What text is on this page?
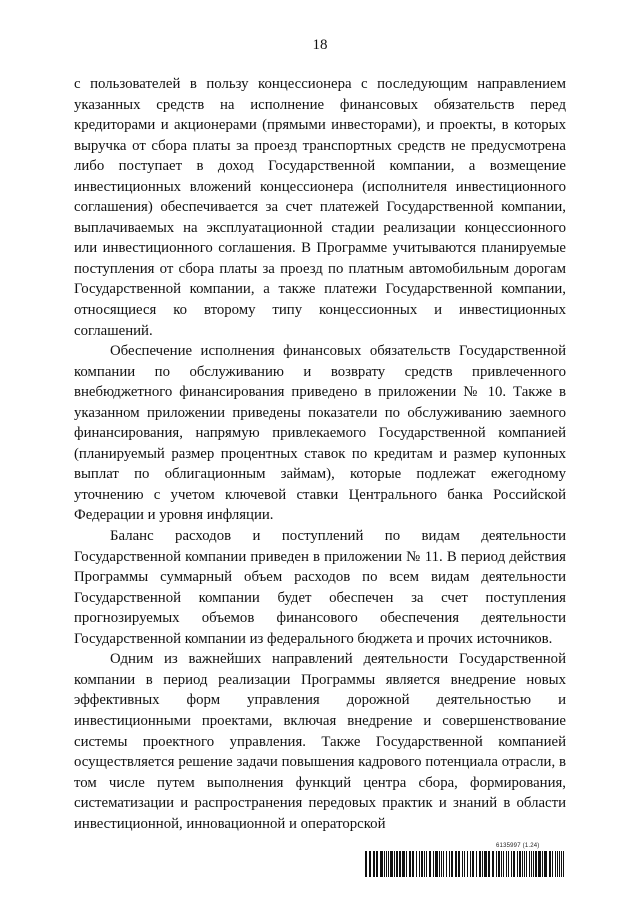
18

с пользователей в пользу концессионера с последующим направлением указанных средств на исполнение финансовых обязательств перед кредиторами и акционерами (прямыми инвесторами), и проекты, в которых выручка от сбора платы за проезд транспортных средств не предусмотрена либо поступает в доход Государственной компании, а возмещение инвестиционных вложений концессионера (исполнителя инвестиционного соглашения) обеспечивается за счет платежей Государственной компании, выплачиваемых на эксплуатационной стадии реализации концессионного или инвестиционного соглашения. В Программе учитываются планируемые поступления от сбора платы за проезд по платным автомобильным дорогам Государственной компании, а также платежи Государственной компании, относящиеся ко второму типу концессионных и инвестиционных соглашений.

Обеспечение исполнения финансовых обязательств Государственной компании по обслуживанию и возврату средств привлеченного внебюджетного финансирования приведено в приложении № 10. Также в указанном приложении приведены показатели по обслуживанию заемного финансирования, напрямую привлекаемого Государственной компанией (планируемый размер процентных ставок по кредитам и размер купонных выплат по облигационным займам), которые подлежат ежегодному уточнению с учетом ключевой ставки Центрального банка Российской Федерации и уровня инфляции.

Баланс расходов и поступлений по видам деятельности Государственной компании приведен в приложении № 11. В период действия Программы суммарный объем расходов по всем видам деятельности Государственной компании будет обеспечен за счет поступления прогнозируемых объемов финансового обеспечения деятельности Государственной компании из федерального бюджета и прочих источников.

Одним из важнейших направлений деятельности Государственной компании в период реализации Программы является внедрение новых эффективных форм управления дорожной деятельностью и инвестиционными проектами, включая внедрение и совершенствование системы проектного управления. Также Государственной компанией осуществляется решение задачи повышения кадрового потенциала отрасли, в том числе путем выполнения функций центра сбора, формирования, систематизации и распространения передовых практик и знаний в области инвестиционной, инновационной и операторской

6135997 (1.24)
